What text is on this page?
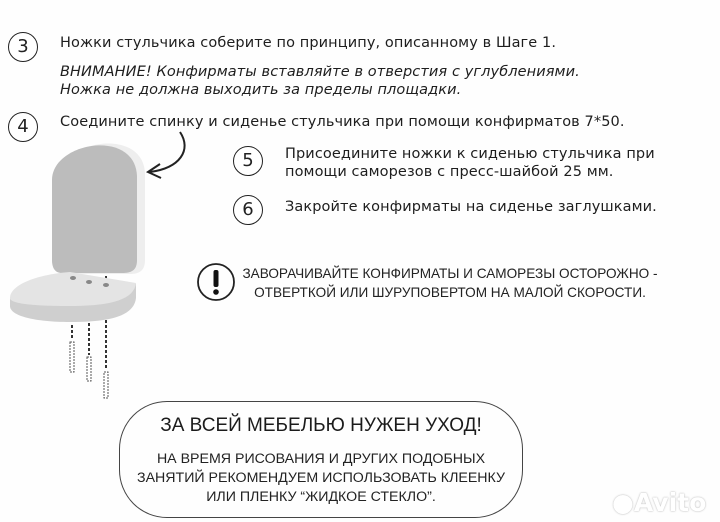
3	Ножки стульчика соберите по принципу, описанному в Шаге 1.
ВНИМАНИЕ! Конфирматы вставляйте в отверстия с углублениями.
Ножка не должна выходить за пределы площадки.
4	Соедините спинку и сиденье стульчика при помощи конфирматов 7*50.
5	Присоедините ножки к сиденью стульчика при
помощи саморезов с пресс-шайбой 25 мм.
6	Закройте конфирматы на сиденье заглушками.
ЗАВОРАЧИВАЙТЕ КОНФИРМАТЫ И САМОРЕЗЫ ОСТОРОЖНО -
ОТВЕРТКОЙ ИЛИ ШУРУПОВЕРТОМ НА МАЛОЙ СКОРОСТИ.
ЗА ВСЕЙ МЕБЕЛЬЮ НУЖЕН УХОД!
НА ВРЕМЯ РИСОВАНИЯ И ДРУГИХ ПОДОБНЫХ
ЗАНЯТИЙ РЕКОМЕНДУЕМ ИСПОЛЬЗОВАТЬ КЛЕЕНКУ
ИЛИ ПЛЕНКУ “ЖИДКОЕ СТЕКЛО”.	●Avito
